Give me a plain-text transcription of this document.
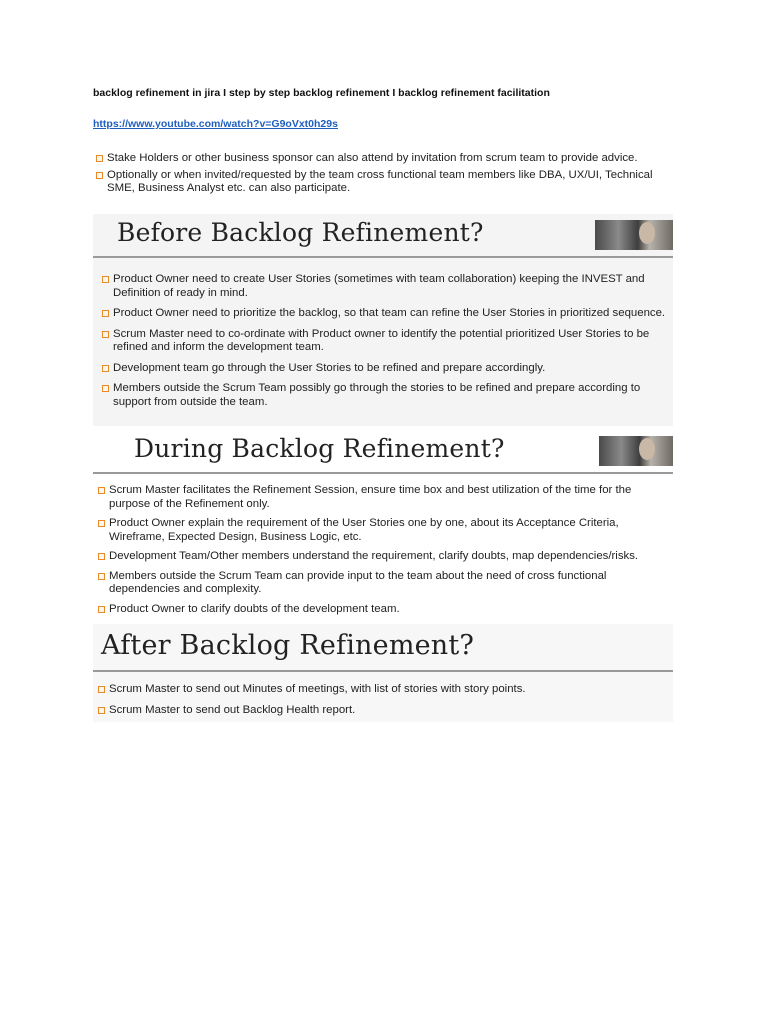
backlog refinement in jira I step by step backlog refinement I backlog refinement facilitation
https://www.youtube.com/watch?v=G9oVxt0h29s
Stake Holders or other business sponsor can also attend by invitation from scrum team to provide advice.
Optionally or when invited/requested by the team cross functional team members like DBA, UX/UI, Technical SME, Business Analyst etc. can also participate.
Before Backlog Refinement?
Product Owner need to create User Stories (sometimes with team collaboration) keeping the INVEST and Definition of ready in mind.
Product Owner need to prioritize the backlog, so that team can refine the User Stories in prioritized sequence.
Scrum Master need to co-ordinate with Product owner to identify the potential prioritized User Stories to be refined and inform the development team.
Development team go through the User Stories to be refined and prepare accordingly.
Members outside the Scrum Team possibly go through the stories to be refined and prepare according to support from outside the team.
During Backlog Refinement?
Scrum Master facilitates the Refinement Session, ensure time box and best utilization of the time for the purpose of the Refinement only.
Product Owner explain the requirement of the User Stories one by one, about its Acceptance Criteria, Wireframe, Expected Design, Business Logic, etc.
Development Team/Other members understand the requirement, clarify doubts, map dependencies/risks.
Members outside the Scrum Team can provide input to the team about the need of cross functional dependencies and complexity.
Product Owner to clarify doubts of the development team.
After Backlog Refinement?
Scrum Master to send out Minutes of meetings, with list of stories with story points.
Scrum Master to send out Backlog Health report.
